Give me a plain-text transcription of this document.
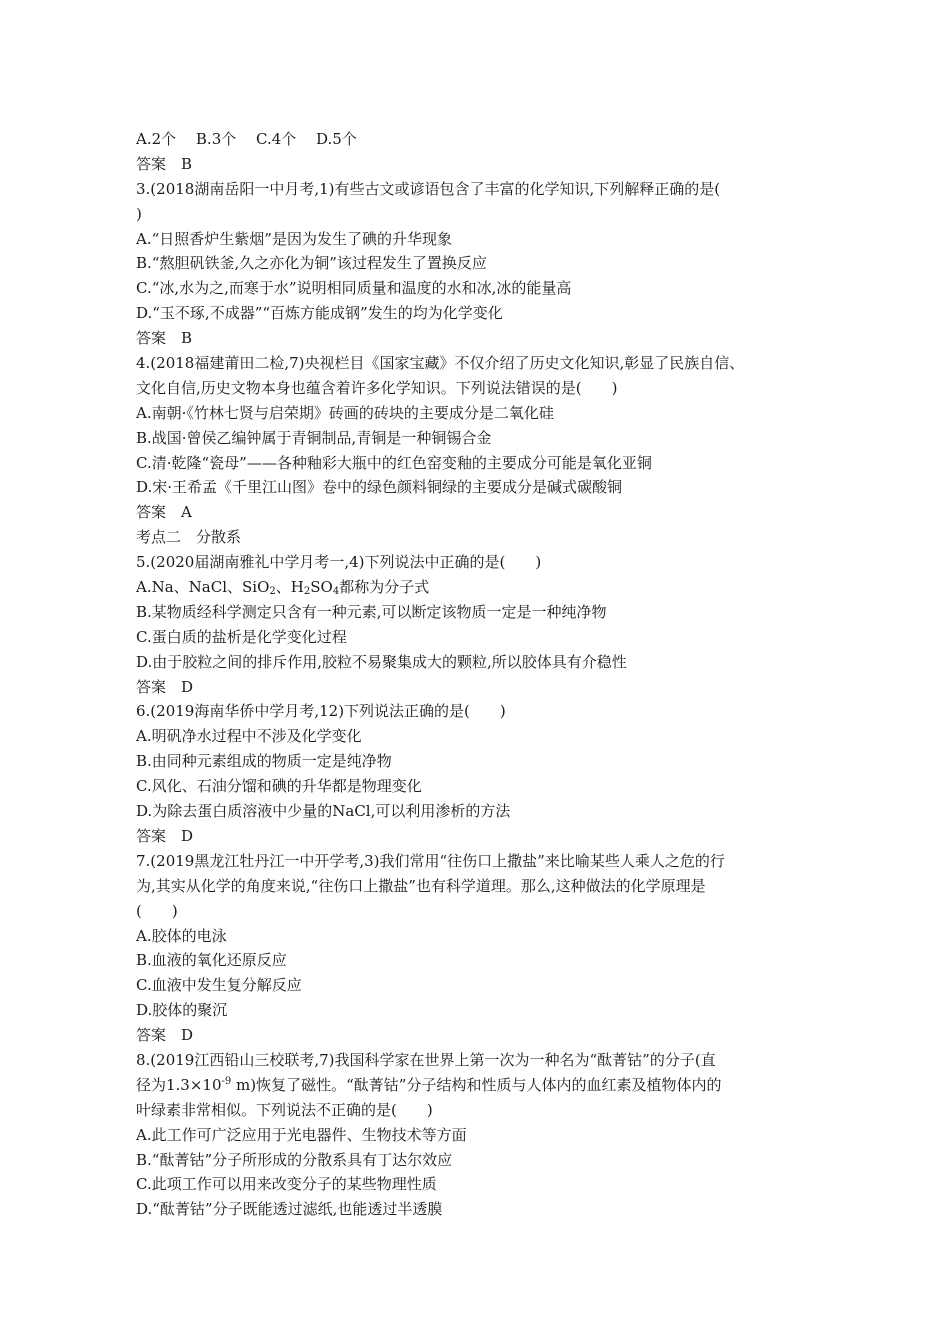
A.2个　 B.3个　 C.4个　 D.5个
答案　B
3.(2018湖南岳阳一中月考,1)有些古文或谚语包含了丰富的化学知识,下列解释正确的是(
)
A.“日照香炉生紫烟”是因为发生了碘的升华现象
B.“熬胆矾铁釜,久之亦化为铜”该过程发生了置换反应
C.“冰,水为之,而寒于水”说明相同质量和温度的水和冰,冰的能量高
D.“玉不琢,不成器”“百炼方能成钢”发生的均为化学变化
答案　B
4.(2018福建莆田二检,7)央视栏目《国家宝藏》不仅介绍了历史文化知识,彰显了民族自信、
文化自信,历史文物本身也蕴含着许多化学知识。下列说法错误的是(　　)
A.南朝·《竹林七贤与启荣期》砖画的砖块的主要成分是二氧化硅
B.战国·曾侯乙编钟属于青铜制品,青铜是一种铜锡合金
C.清·乾隆“瓷母”——各种釉彩大瓶中的红色窑变釉的主要成分可能是氧化亚铜
D.宋·王希孟《千里江山图》卷中的绿色颜料铜绿的主要成分是碱式碳酸铜
答案　A
考点二　分散系
5.(2020届湖南雅礼中学月考一,4)下列说法中正确的是(　　)
A.Na、NaCl、SiO$_2$、$H_2SO_4$都称为分子式
B.某物质经科学测定只含有一种元素,可以断定该物质一定是一种纯净物
C.蛋白质的盐析是化学变化过程
D.由于胶粒之间的排斥作用,胶粒不易聚集成大的颗粒,所以胶体具有介稳性
答案　D
6.(2019海南华侨中学月考,12)下列说法正确的是(　　)
A.明矾净水过程中不涉及化学变化
B.由同种元素组成的物质一定是纯净物
C.风化、石油分馏和碘的升华都是物理变化
D.为除去蛋白质溶液中少量的NaCl,可以利用渗析的方法
答案　D
7.(2019黑龙江牡丹江一中开学考,3)我们常用“往伤口上撒盐”来比喻某些人乘人之危的行
为,其实从化学的角度来说,“往伤口上撒盐”也有科学道理。那么,这种做法的化学原理是
(　　)
A.胶体的电泳
B.血液的氧化还原反应
C.血液中发生复分解反应
D.胶体的聚沉
答案　D
8.(2019江西铅山三校联考,7)我国科学家在世界上第一次为一种名为“酞菁钴”的分子(直
径为$1.3\times 10^{-9}$ m)恢复了磁性。“酞菁钴”分子结构和性质与人体内的血红素及植物体内的
叶绿素非常相似。下列说法不正确的是(　　)
A.此工作可广泛应用于光电器件、生物技术等方面
B.“酞菁钴”分子所形成的分散系具有丁达尔效应
C.此项工作可以用来改变分子的某些物理性质
D.“酞菁钴”分子既能透过滤纸,也能透过半透膜
